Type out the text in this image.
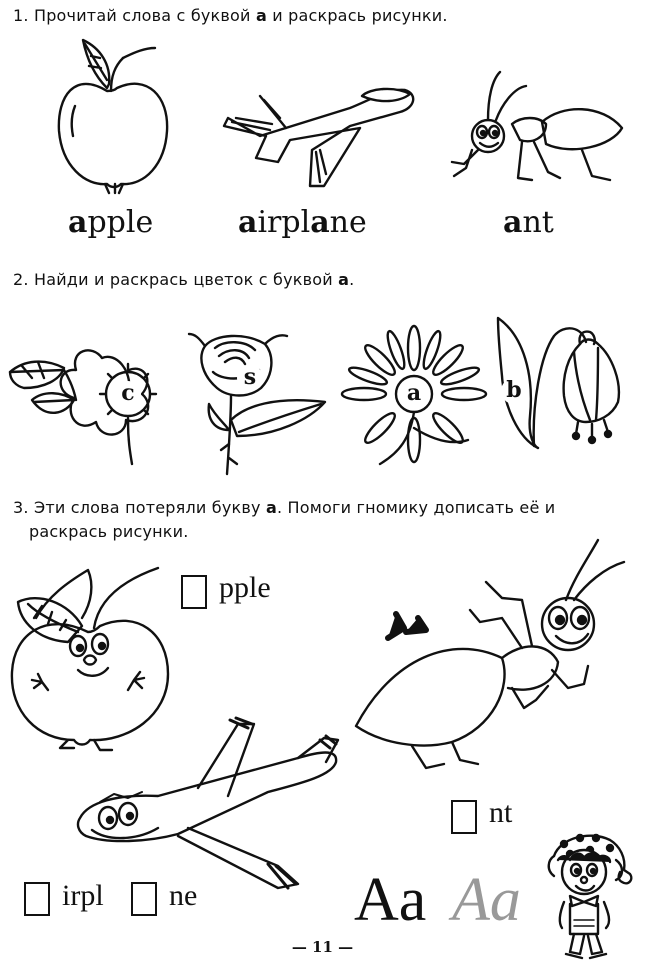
1. Прочитай слова с буквой a и раскрась рисунки.
apple	airplane	ant
2. Найди и раскрась цветок с буквой a.
c
s
a	b
3. Эти слова потеряли букву a. Помоги гномику дописать её и
раскрась рисунки.
pple
nt
irpl ne	Aa Aa
— 11 —
